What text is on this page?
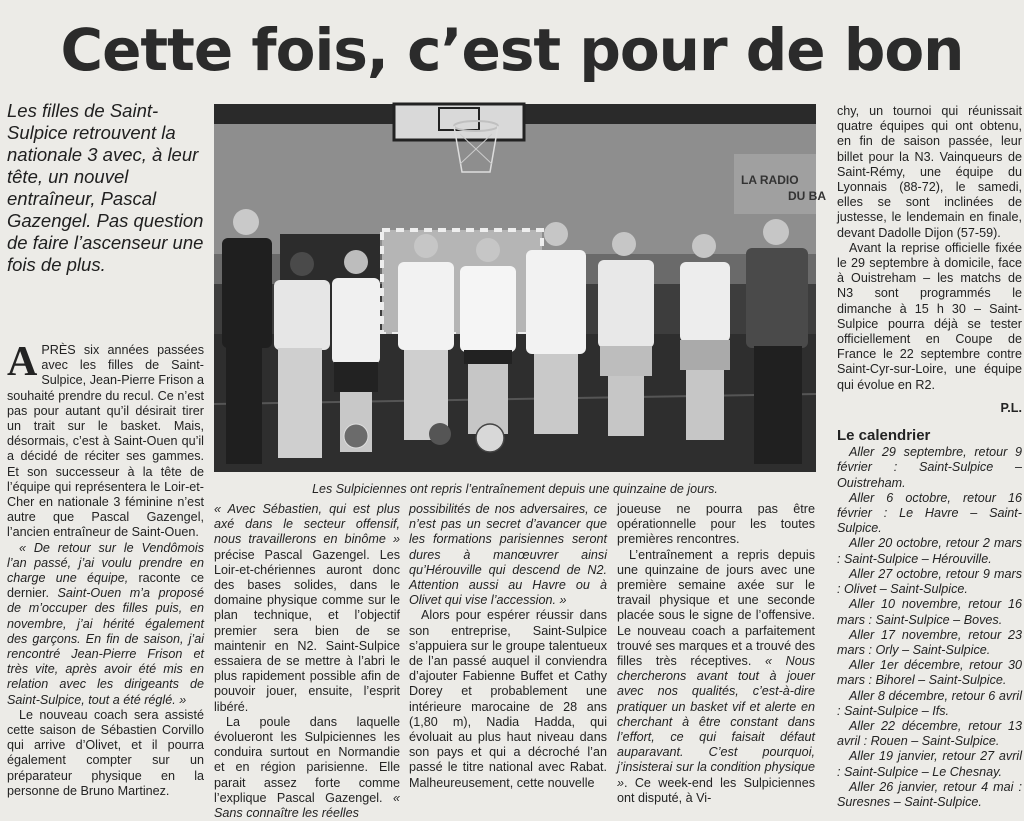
Cette fois, c’est pour de bon
Les filles de Saint-Sulpice retrouvent la nationale 3 avec, à leur tête, un nouvel entraîneur, Pascal Gazengel. Pas question de faire l’ascenseur une fois de plus.
LA RADIO
DU BA
Les Sulpiciennes ont repris l’entraînement depuis une quinzaine de jours.

APRÈS six années passées avec les filles de Saint-Sulpice, Jean-Pierre Frison a souhaité prendre du recul. Ce n’est pas pour autant qu’il désirait tirer un trait sur le basket. Mais, désormais, c’est à Saint-Ouen qu’il a décidé de réciter ses gammes. Et son successeur à la tête de l’équipe qui représentera le Loir-et-Cher en nationale 3 féminine n’est autre que Pascal Gazengel, l’ancien entraîneur de Saint-Ouen.

« De retour sur le Vendômois l’an passé, j’ai voulu prendre en charge une équipe, raconte ce dernier. Saint-Ouen m’a proposé de m’occuper des filles puis, en novembre, j’ai hérité également des garçons. En fin de saison, j’ai rencontré Jean-Pierre Frison et très vite, après avoir été mis en relation avec les dirigeants de Saint-Sulpice, tout a été réglé. »

Le nouveau coach sera assisté cette saison de Sébastien Corvillo qui arrive d’Olivet, et il pourra également compter sur un préparateur physique en la personne de Bruno Martinez.

« Avec Sébastien, qui est plus axé dans le secteur offensif, nous travaillerons en binôme » précise Pascal Gazengel. Les Loir-et-chériennes auront donc des bases solides, dans le domaine physique comme sur le plan technique, et l’objectif premier sera bien de se maintenir en N2. Saint-Sulpice essaiera de se mettre à l’abri le plus rapidement possible afin de pouvoir jouer, ensuite, l’esprit libéré.

La poule dans laquelle évolueront les Sulpiciennes les conduira surtout en Normandie et en région parisienne. Elle parait assez forte comme l’explique Pascal Gazengel. « Sans connaître les réelles

possibilités de nos adversaires, ce n’est pas un secret d’avancer que les formations parisiennes seront dures à manœuvrer ainsi qu’Hérouville qui descend de N2. Attention aussi au Havre ou à Olivet qui vise l’accession. »

Alors pour espérer réussir dans son entreprise, Saint-Sulpice s’appuiera sur le groupe talentueux de l’an passé auquel il conviendra d’ajouter Fabienne Buffet et Cathy Dorey et probablement une intérieure marocaine de 28 ans (1,80 m), Nadia Hadda, qui évoluait au plus haut niveau dans son pays et qui a décroché l’an passé le titre national avec Rabat. Malheureusement, cette nouvelle

joueuse ne pourra pas être opérationnelle pour les toutes premières rencontres.

L’entraînement a repris depuis une quinzaine de jours avec une première semaine axée sur le travail physique et une seconde placée sous le signe de l’offensive. Le nouveau coach a parfaitement trouvé ses marques et a trouvé des filles très réceptives. « Nous chercherons avant tout à jouer avec nos qualités, c’est-à-dire pratiquer un basket vif et alerte en cherchant à être constant dans l’effort, ce qui faisait défaut auparavant. C’est pourquoi, j’insisterai sur la condition physique ». Ce week-end les Sulpiciennes ont disputé, à Vi-

chy, un tournoi qui réunissait quatre équipes qui ont obtenu, en fin de saison passée, leur billet pour la N3. Vainqueurs de Saint-Rémy, une équipe du Lyonnais (88-72), le samedi, elles se sont inclinées de justesse, le lendemain en finale, devant Dadolle Dijon (57-59).

Avant la reprise officielle fixée le 29 septembre à domicile, face à Ouistreham – les matchs de N3 sont programmés le dimanche à 15 h 30 – Saint-Sulpice pourra déjà se tester officiellement en Coupe de France le 22 septembre contre Saint-Cyr-sur-Loire, une équipe qui évolue en R2.

P.L.
Le calendrier
Aller 29 septembre, retour 9 février : Saint-Sulpice – Ouistreham.
Aller 6 octobre, retour 16 février : Le Havre – Saint-Sulpice.
Aller 20 octobre, retour 2 mars : Saint-Sulpice – Hérouville.
Aller 27 octobre, retour 9 mars : Olivet – Saint-Sulpice.
Aller 10 novembre, retour 16 mars : Saint-Sulpice – Boves.
Aller 17 novembre, retour 23 mars : Orly – Saint-Sulpice.
Aller 1er décembre, retour 30 mars : Bihorel – Saint-Sulpice.
Aller 8 décembre, retour 6 avril : Saint-Sulpice – Ifs.
Aller 22 décembre, retour 13 avril : Rouen – Saint-Sulpice.
Aller 19 janvier, retour 27 avril : Saint-Sulpice – Le Chesnay.
Aller 26 janvier, retour 4 mai : Suresnes – Saint-Sulpice.
